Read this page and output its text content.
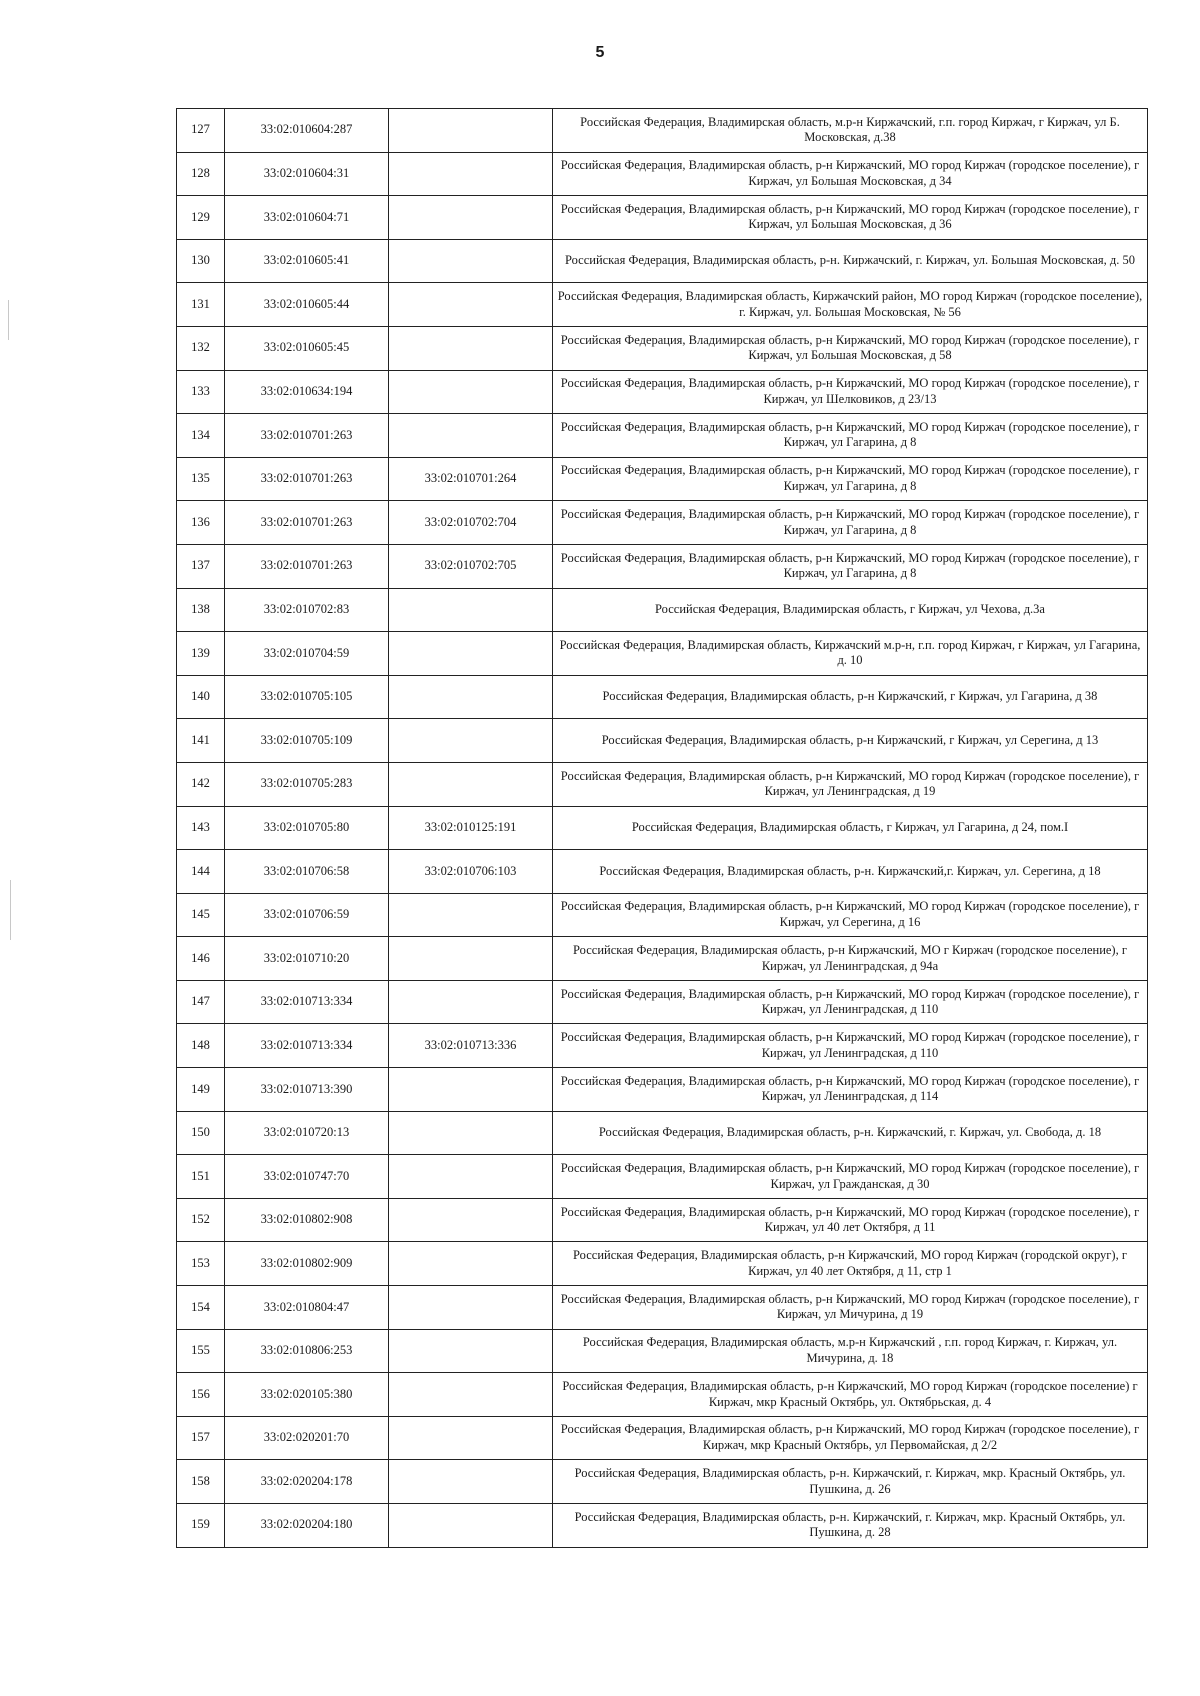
5
127	33:02:010604:287		Российская Федерация, Владимирская область, м.р-н Киржачский, г.п. город Киржач, г Киржач, ул Б. Московская, д.38
128	33:02:010604:31		Российская Федерация, Владимирская область, р-н Киржачский, МО город Киржач (городское поселение), г Киржач, ул Большая Московская, д 34
129	33:02:010604:71		Российская Федерация, Владимирская область, р-н Киржачский, МО город Киржач (городское поселение), г Киржач, ул Большая Московская, д 36
130	33:02:010605:41		Российская Федерация, Владимирская область, р-н. Киржачский, г. Киржач, ул. Большая Московская, д. 50
131	33:02:010605:44		Российская Федерация, Владимирская область, Киржачский район, МО город Киржач (городское поселение), г. Киржач, ул. Большая Московская, № 56
132	33:02:010605:45		Российская Федерация, Владимирская область, р-н Киржачский, МО город Киржач (городское поселение), г Киржач, ул Большая Московская, д 58
133	33:02:010634:194		Российская Федерация, Владимирская область, р-н Киржачский, МО город Киржач (городское поселение), г Киржач, ул Шелковиков, д 23/13
134	33:02:010701:263		Российская Федерация, Владимирская область, р-н Киржачский, МО город Киржач (городское поселение), г Киржач, ул Гагарина, д 8
135	33:02:010701:263	33:02:010701:264	Российская Федерация, Владимирская область, р-н Киржачский, МО город Киржач (городское поселение), г Киржач, ул Гагарина, д 8
136	33:02:010701:263	33:02:010702:704	Российская Федерация, Владимирская область, р-н Киржачский, МО город Киржач (городское поселение), г Киржач, ул Гагарина, д 8
137	33:02:010701:263	33:02:010702:705	Российская Федерация, Владимирская область, р-н Киржачский, МО город Киржач (городское поселение), г Киржач, ул Гагарина, д 8
138	33:02:010702:83		Российская Федерация, Владимирская область, г Киржач, ул Чехова, д.3а
139	33:02:010704:59		Российская Федерация, Владимирская область, Киржачский м.р-н, г.п. город Киржач, г Киржач, ул Гагарина, д. 10
140	33:02:010705:105		Российская Федерация, Владимирская область, р-н Киржачский, г Киржач, ул Гагарина, д 38
141	33:02:010705:109		Российская Федерация, Владимирская область, р-н Киржачский, г Киржач, ул Серегина, д 13
142	33:02:010705:283		Российская Федерация, Владимирская область, р-н Киржачский, МО город Киржач (городское поселение), г Киржач, ул Ленинградская, д 19
143	33:02:010705:80	33:02:010125:191	Российская Федерация, Владимирская область, г Киржач, ул Гагарина, д 24, пом.I
144	33:02:010706:58	33:02:010706:103	Российская Федерация, Владимирская область, р-н. Киржачский,г. Киржач, ул. Серегина, д 18
145	33:02:010706:59		Российская Федерация, Владимирская область, р-н Киржачский, МО город Киржач (городское поселение), г Киржач, ул Серегина, д 16
146	33:02:010710:20		Российская Федерация, Владимирская область, р-н Киржачский, МО г Киржач (городское поселение), г Киржач, ул Ленинградская, д 94а
147	33:02:010713:334		Российская Федерация, Владимирская область, р-н Киржачский, МО город Киржач (городское поселение), г Киржач, ул Ленинградская, д 110
148	33:02:010713:334	33:02:010713:336	Российская Федерация, Владимирская область, р-н Киржачский, МО город Киржач (городское поселение), г Киржач, ул Ленинградская, д 110
149	33:02:010713:390		Российская Федерация, Владимирская область, р-н Киржачский, МО город Киржач (городское поселение), г Киржач, ул Ленинградская, д 114
150	33:02:010720:13		Российская Федерация, Владимирская область, р-н. Киржачский, г. Киржач, ул. Свобода, д. 18
151	33:02:010747:70		Российская Федерация, Владимирская область, р-н Киржачский, МО город Киржач (городское поселение), г Киржач, ул Гражданская, д 30
152	33:02:010802:908		Российская Федерация, Владимирская область, р-н Киржачский, МО город Киржач (городское поселение), г Киржач, ул 40 лет Октября, д 11
153	33:02:010802:909		Российская Федерация, Владимирская область, р-н Киржачский, МО город Киржач (городской округ), г Киржач, ул 40 лет Октября, д 11, стр 1
154	33:02:010804:47		Российская Федерация, Владимирская область, р-н Киржачский, МО город Киржач (городское поселение), г Киржач, ул Мичурина, д 19
155	33:02:010806:253		Российская Федерация, Владимирская область, м.р-н Киржачский , г.п. город Киржач, г. Киржач, ул. Мичурина, д. 18
156	33:02:020105:380		Российская Федерация, Владимирская область, р-н Киржачский, МО город Киржач (городское поселение) г Киржач, мкр Красный Октябрь, ул. Октябрьская, д. 4
157	33:02:020201:70		Российская Федерация, Владимирская область, р-н Киржачский, МО город Киржач (городское поселение), г Киржач, мкр Красный Октябрь, ул Первомайская, д 2/2
158	33:02:020204:178		Российская Федерация, Владимирская область, р-н. Киржачский, г. Киржач, мкр. Красный Октябрь, ул. Пушкина, д. 26
159	33:02:020204:180		Российская Федерация, Владимирская область, р-н. Киржачский, г. Киржач, мкр. Красный Октябрь, ул. Пушкина, д. 28
